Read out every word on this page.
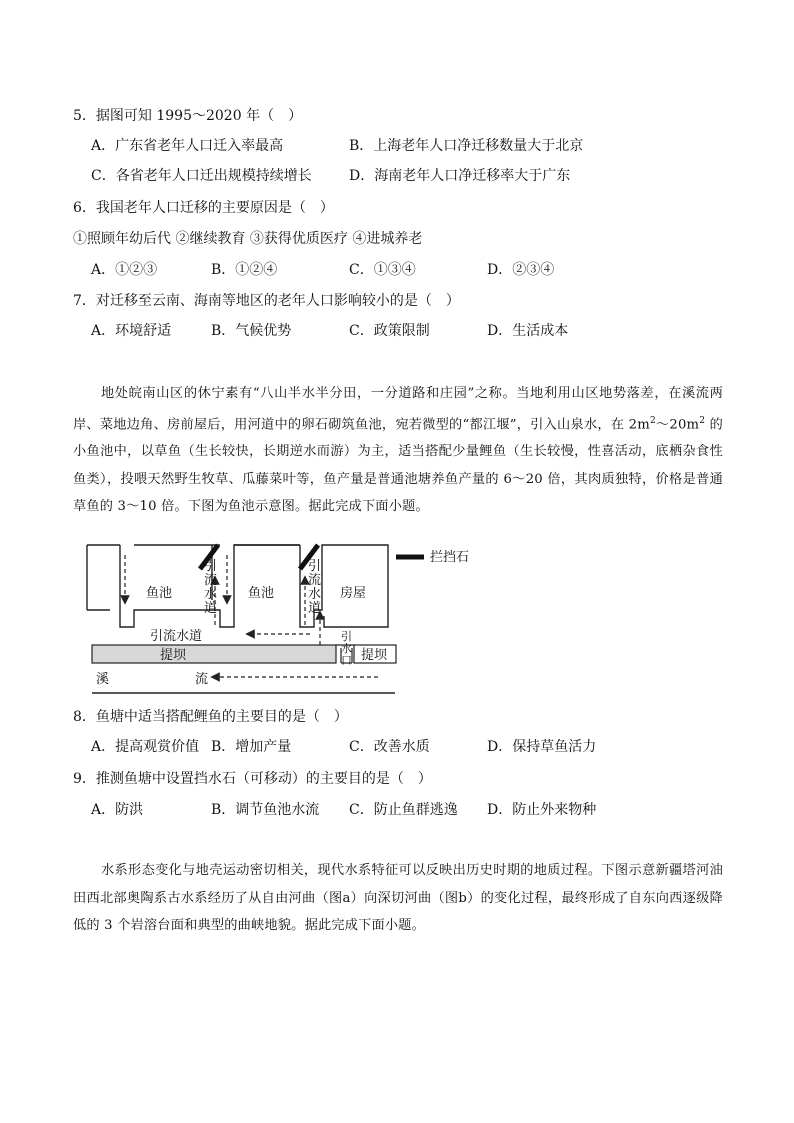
5．据图可知 1995～2020 年（　）
A．广东省老年人口迁入率最高	B．上海老年人口净迁移数量大于北京
C．各省老年人口迁出规模持续增长	D．海南老年人口净迁移率大于广东
6．我国老年人口迁移的主要原因是（　）
①照顾年幼后代 ②继续教育 ③获得优质医疗 ④进城养老
A．①②③	B．①②④	C．①③④	D．②③④
7．对迁移至云南、海南等地区的老年人口影响较小的是（　）
A．环境舒适	B．气候优势	C．政策限制	D．生活成本
地处皖南山区的休宁素有“八山半水半分田，一分道路和庄园”之称。当地利用山区地势落差，在溪流两岸、菜地边角、房前屋后，用河道中的卵石砌筑鱼池，宛若微型的“都江堰”，引入山泉水，在 $2m^2\sim 20m^2$ 的小鱼池中，以草鱼（生长较快，长期逆水而游）为主，适当搭配少量鲤鱼（生长较慢，性喜活动，底栖杂食性鱼类），投喂天然野生牧草、瓜藤菜叶等，鱼产量是普通池塘养鱼产量的 6～20 倍，其肉质独特，价格是普通草鱼的 3～10 倍。下图为鱼池示意图。据此完成下面小题。
拦挡石
鱼池	鱼池	房屋
引
流
水
道
引
流
水
道
引流水道	引
水
口
提坝	提坝
溪	流
8．鱼塘中适当搭配鲤鱼的主要目的是（　）
A．提高观赏价值 B．增加产量	C．改善水质	D．保持草鱼活力
9．推测鱼塘中设置挡水石（可移动）的主要目的是（　）
A．防洪	B．调节鱼池水流 C．防止鱼群逃逸 D．防止外来物种
水系形态变化与地壳运动密切相关，现代水系特征可以反映出历史时期的地质过程。下图示意新疆塔河油田西北部奥陶系古水系经历了从自由河曲（图a）向深切河曲（图b）的变化过程，最终形成了自东向西逐级降低的 3 个岩溶台面和典型的曲峡地貌。据此完成下面小题。
